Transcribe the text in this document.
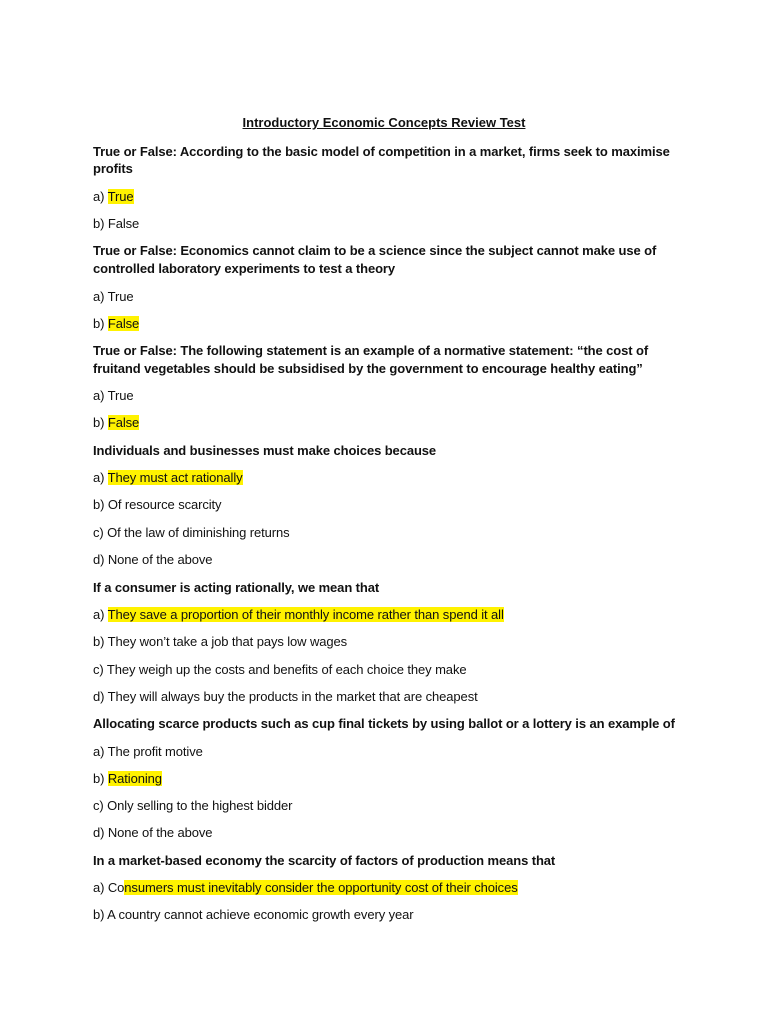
Introductory Economic Concepts Review Test
True or False: According to the basic model of competition in a market, firms seek to maximise
profits
a) True
b) False
True or False: Economics cannot claim to be a science since the subject cannot make use of
controlled laboratory experiments to test a theory
a) True
b) False
True or False: The following statement is an example of a normative statement: “the cost of
fruitand vegetables should be subsidised by the government to encourage healthy eating”
a) True
b) False
Individuals and businesses must make choices because
a) They must act rationally
b) Of resource scarcity
c) Of the law of diminishing returns
d) None of the above
If a consumer is acting rationally, we mean that
a) They save a proportion of their monthly income rather than spend it all
b) They won’t take a job that pays low wages
c) They weigh up the costs and benefits of each choice they make
d) They will always buy the products in the market that are cheapest
Allocating scarce products such as cup final tickets by using ballot or a lottery is an example of
a) The profit motive
b) Rationing
c) Only selling to the highest bidder
d) None of the above
In a market-based economy the scarcity of factors of production means that
a) Consumers must inevitably consider the opportunity cost of their choices
b) A country cannot achieve economic growth every year
